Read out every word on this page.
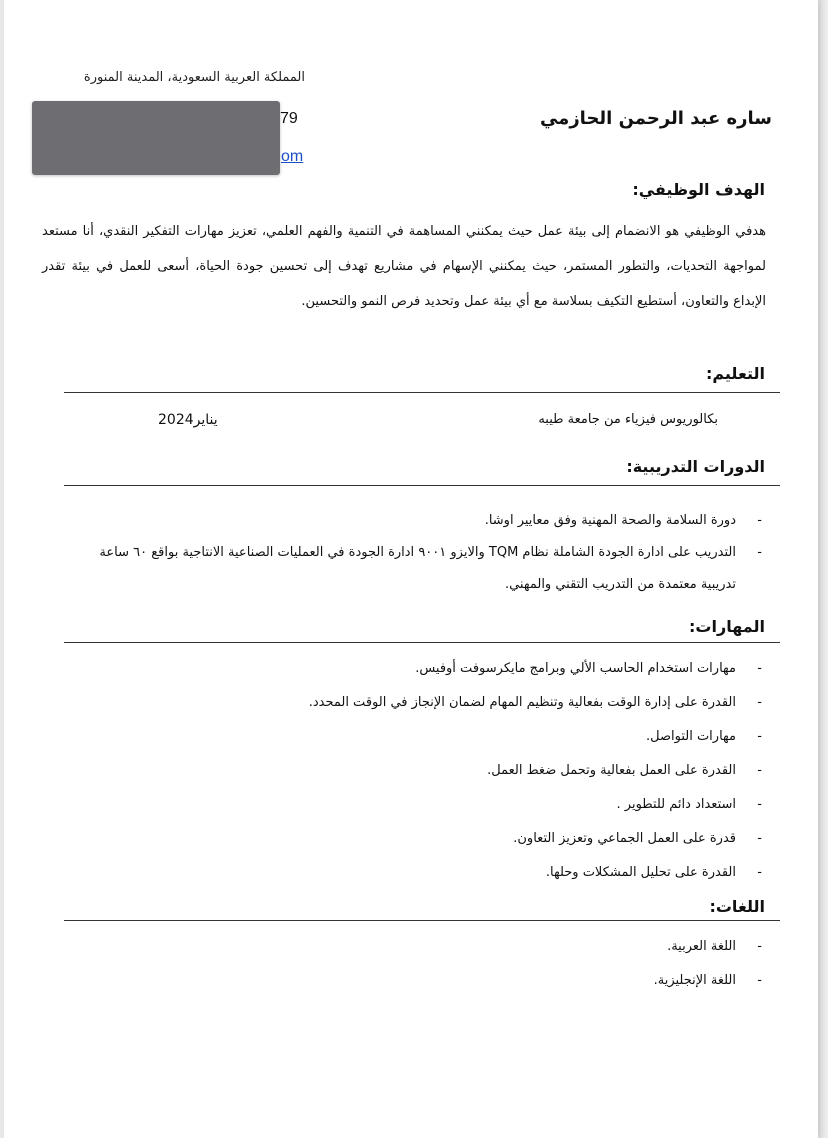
المملكة العربية السعودية، المدينة المنورة
ساره عبد الرحمن الحازمي
79
om
الهدف الوظيفي:
هدفي الوظيفي هو الانضمام إلى بيئة عمل حيث يمكنني المساهمة في التنمية والفهم العلمي، تعزيز مهارات التفكير النقدي، أنا مستعد لمواجهة التحديات، والتطور المستمر، حيث يمكنني الإسهام في مشاريع تهدف إلى تحسين جودة الحياة، أسعى للعمل في بيئة تقدر الإبداع والتعاون، أستطيع التكيف بسلاسة مع أي بيئة عمل وتحديد فرص النمو والتحسين.
التعليم:
بكالوريوس فيزياء من جامعة طيبه
يناير2024
الدورات التدريبية:
- دورة السلامة والصحة المهنية وفق معايير اوشا.
- التدريب على ادارة الجودة الشاملة نظام TQM والايزو ٩٠٠١ ادارة الجودة في العمليات الصناعية الانتاجية بواقع ٦٠ ساعة تدريبية معتمدة من التدريب التقني والمهني.
المهارات:
- مهارات استخدام الحاسب الألي وبرامج مايكرسوفت أوفيس.
- القدرة على إدارة الوقت بفعالية وتنظيم المهام لضمان الإنجاز في الوقت المحدد.
- مهارات التواصل.
- القدرة على العمل بفعالية وتحمل ضغط العمل.
- استعداد دائم للتطوير .
- قدرة على العمل الجماعي وتعزيز التعاون.
- القدرة على تحليل المشكلات وحلها.
اللغات:
- اللغة العربية.
- اللغة الإنجليزية.
